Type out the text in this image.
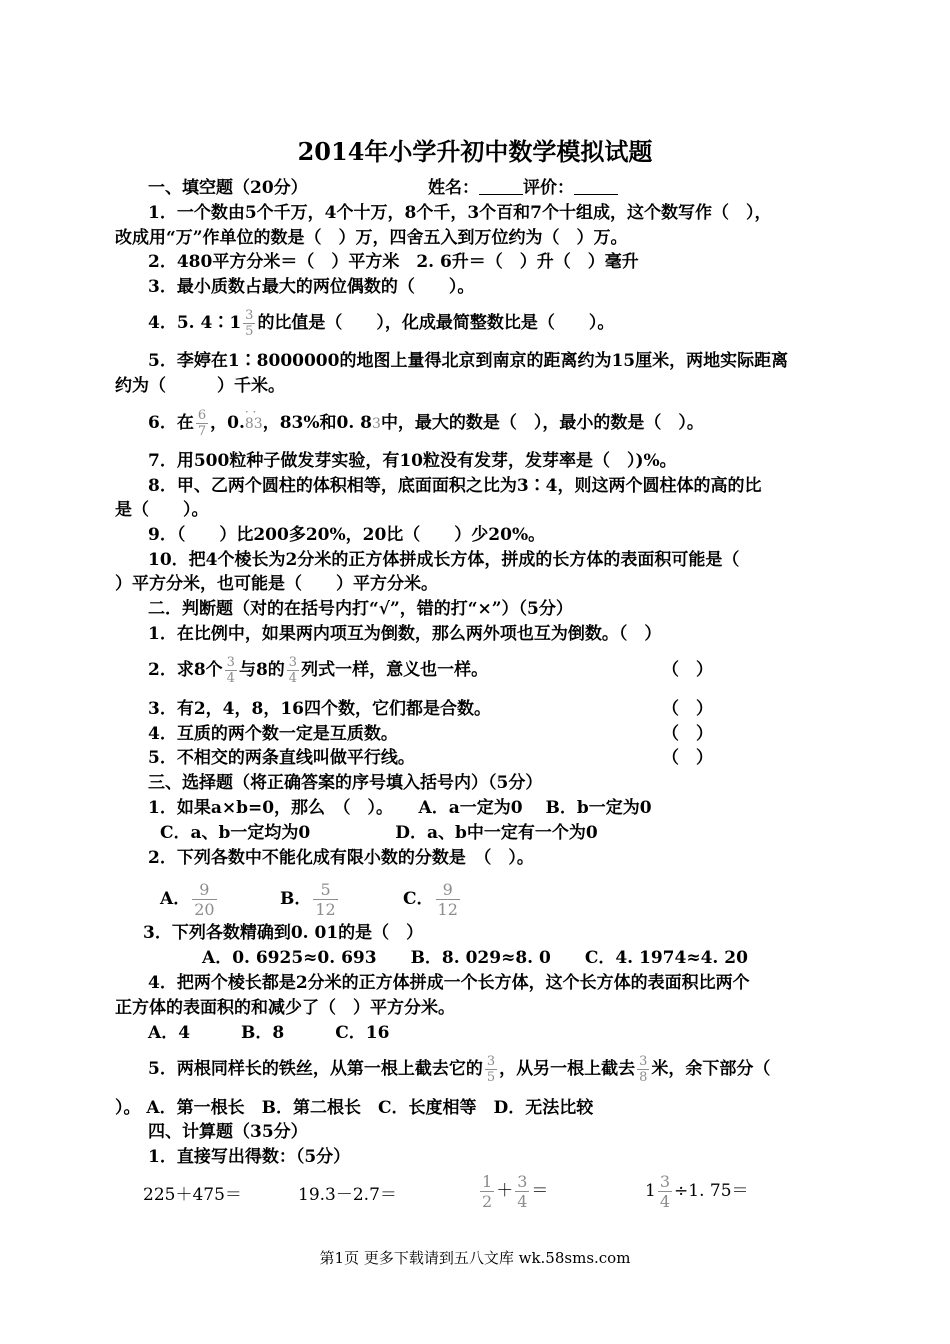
2014年小学升初中数学模拟试题
一、填空题（20分）	姓名：	评价：
1．一个数由5个千万，4个十万，8个千，3个百和7个十组成，这个数写作（　），
改成用“万”作单位的数是（　）万，四舍五入到万位约为（　）万。
2．480平方分米＝（　）平方米　2. 6升＝（　）升（　）毫升
3．最小质数占最大的两位偶数的（　　）。
4．5. 4∶1 $\frac{3}{5}$ 的比值是（　　），化成最简整数比是（　　）。
5．李婷在1∶8000000的地图上量得北京到南京的距离约为15厘米，两地实际距离
约为（　　　）千米。
6．在 $\frac{6}{7}$ ，0.· · 83，83%和0. 83中，最大的数是（　），最小的数是（　）。
7．用500粒种子做发芽实验，有10粒没有发芽，发芽率是（　）)%。
8．甲、乙两个圆柱的体积相等，底面面积之比为3∶4，则这两个圆柱体的高的比
是（　　）。
9．（　　）比200多20%，20比（　　）少20%。
10．把4个棱长为2分米的正方体拼成长方体，拼成的长方体的表面积可能是（
）平方分米，也可能是（　　）平方分米。
二．判断题（对的在括号内打“√”，错的打“×”）（5分）
1．在比例中，如果两内项互为倒数，那么两外项也互为倒数。（　）
2．求8个 $\frac{3}{4}$ 与8的 $\frac{3}{4}$ 列式一样，意义也一样。	（　）
3．有2，4，8，16四个数，它们都是合数。	（　）
4．互质的两个数一定是互质数。	（　）
5．不相交的两条直线叫做平行线。	（　）
三、选择题（将正确答案的序号填入括号内）（5分）
1．如果a×b=0，那么　（　）。　　A．a一定为0　 B．b一定为0
C．a、b一定均为0　　　　　D．a、b中一定有一个为0
2．下列各数中不能化成有限小数的分数是　（　）。
A． $\frac{9}{20}$	B． $\frac{5}{12}$	C． $\frac{9}{12}$
3．下列各数精确到0. 01的是（　）
A．0. 6925≈0. 693　　B．8. 029≈8. 0　　C．4. 1974≈4. 20
4．把两个棱长都是2分米的正方体拼成一个长方体，这个长方体的表面积比两个
正方体的表面积的和减少了（　）平方分米。
A．4　　　B．8　　　C．16
5．两根同样长的铁丝，从第一根上截去它的 $\frac{3}{5}$ ，从另一根上截去 $\frac{3}{8}$ 米，余下部分（
）。 A．第一根长　B．第二根长　C．长度相等　D．无法比较
四、计算题（35分）
1．直接写出得数：（5分）
225＋475＝	19.3－2.7＝	$\frac{1}{2} + \frac{3}{4}$ ＝	$1 \frac{3}{4} \div 1$. 75＝
第1页 更多下载请到五八文库 wk.58sms.com
